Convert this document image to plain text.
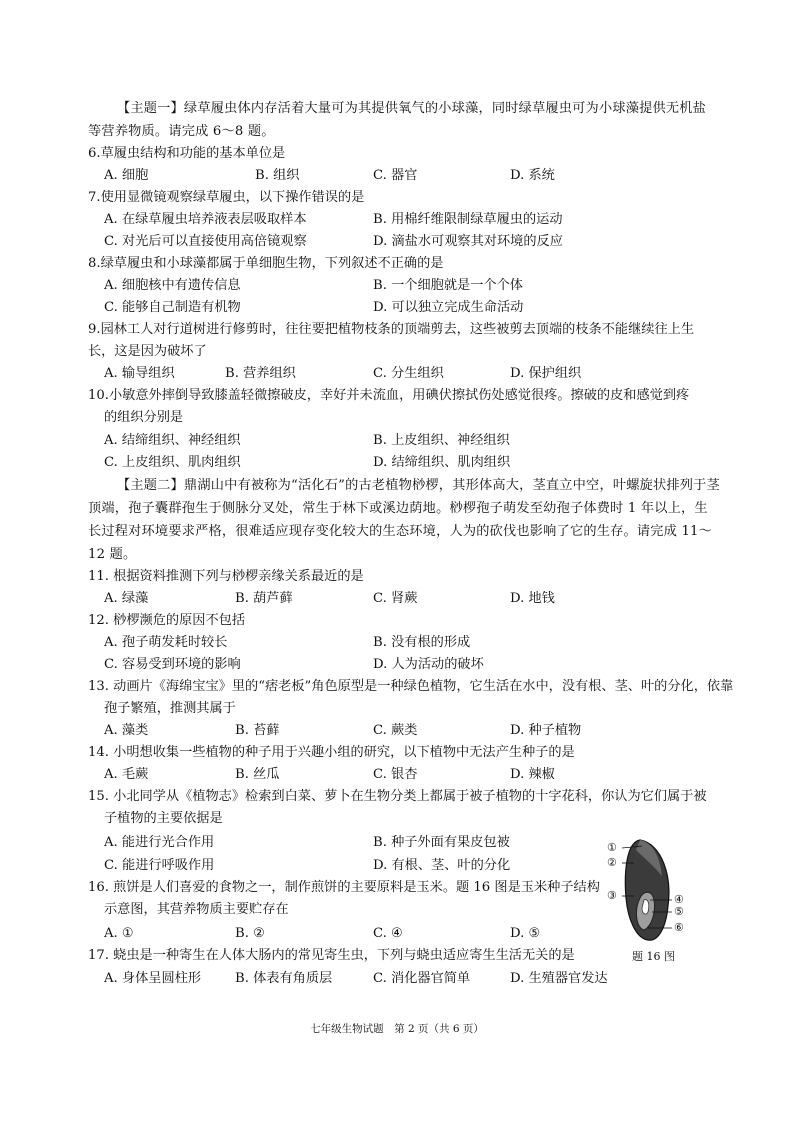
【主题一】绿草履虫体内存活着大量可为其提供氧气的小球藻，同时绿草履虫可为小球藻提供无机盐
等营养物质。请完成 6～8 题。
6.草履虫结构和功能的基本单位是
A. 细胞	B. 组织	C. 器官	D. 系统
7.使用显微镜观察绿草履虫，以下操作错误的是
A. 在绿草履虫培养液表层吸取样本	B. 用棉纤维限制绿草履虫的运动
C. 对光后可以直接使用高倍镜观察	D. 滴盐水可观察其对环境的反应
8.绿草履虫和小球藻都属于单细胞生物，下列叙述不正确的是
A. 细胞核中有遗传信息	B. 一个细胞就是一个个体
C. 能够自己制造有机物	D. 可以独立完成生命活动
9.园林工人对行道树进行修剪时，往往要把植物枝条的顶端剪去，这些被剪去顶端的枝条不能继续往上生
长，这是因为破坏了
A. 输导组织	B. 营养组织	C. 分生组织	D. 保护组织
10.小敏意外摔倒导致膝盖轻微擦破皮，幸好并未流血，用碘伏擦拭伤处感觉很疼。擦破的皮和感觉到疼
的组织分别是
A. 结缔组织、神经组织	B. 上皮组织、神经组织
C. 上皮组织、肌肉组织	D. 结缔组织、肌肉组织
【主题二】鼎湖山中有被称为“活化石”的古老植物桫椤，其形体高大，茎直立中空，叶螺旋状排列于茎
顶端，孢子囊群孢生于侧脉分叉处，常生于林下或溪边荫地。桫椤孢子萌发至幼孢子体费时 1 年以上，生
长过程对环境要求严格，很难适应现存变化较大的生态环境，人为的砍伐也影响了它的生存。请完成 11～
12 题。
11. 根据资料推测下列与桫椤亲缘关系最近的是
A. 绿藻	B. 葫芦藓	C. 肾蕨	D. 地钱
12. 桫椤濒危的原因不包括
A. 孢子萌发耗时较长	B. 没有根的形成
C. 容易受到环境的影响	D. 人为活动的破坏
13. 动画片《海绵宝宝》里的“痞老板”角色原型是一种绿色植物，它生活在水中，没有根、茎、叶的分化，依靠
孢子繁殖，推测其属于
A. 藻类	B. 苔藓	C. 蕨类	D. 种子植物
14. 小明想收集一些植物的种子用于兴趣小组的研究，以下植物中无法产生种子的是
A. 毛蕨	B. 丝瓜	C. 银杏	D. 辣椒
15. 小北同学从《植物志》检索到白菜、萝卜在生物分类上都属于被子植物的十字花科，你认为它们属于被
子植物的主要依据是
A. 能进行光合作用	B. 种子外面有果皮包被
C. 能进行呼吸作用	D. 有根、茎、叶的分化
16. 煎饼是人们喜爱的食物之一，制作煎饼的主要原料是玉米。题 16 图是玉米种子结构
示意图，其营养物质主要贮存在
A. ①	B. ②	C. ④	D. ⑤
17. 蛲虫是一种寄生在人体大肠内的常见寄生虫，下列与蛲虫适应寄生生活无关的是
A. 身体呈圆柱形	B. 体表有角质层	C. 消化器官简单	D. 生殖器官发达
①
②
③	④
⑤
⑥
题 16 图
七年级生物试题　第 2 页（共 6 页）
